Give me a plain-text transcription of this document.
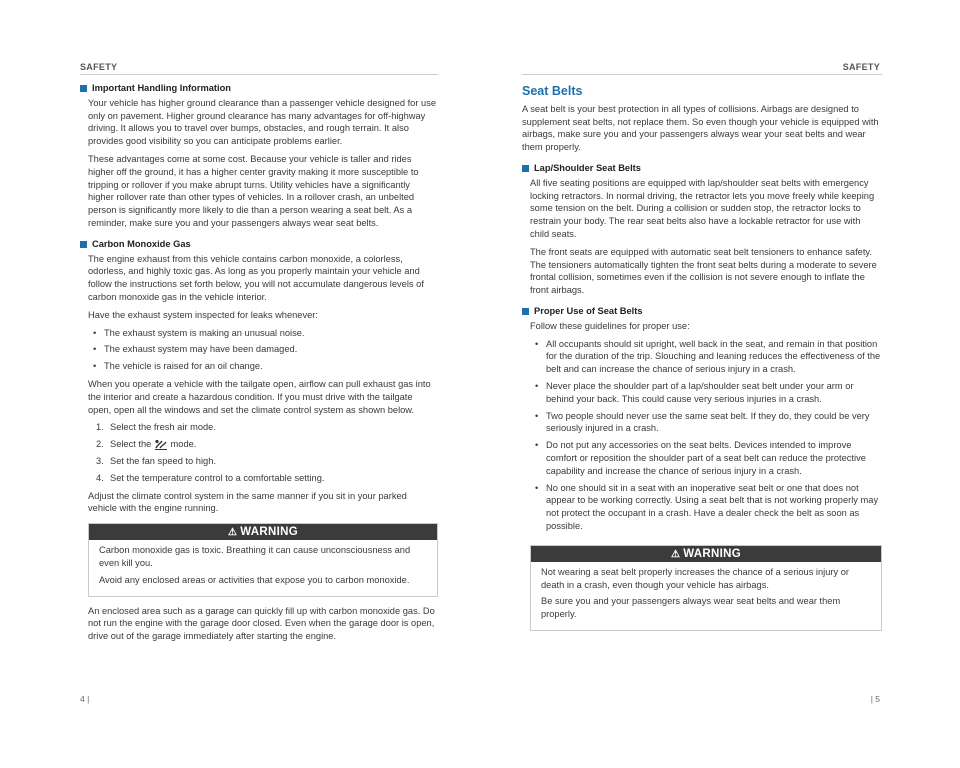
SAFETY
Important Handling Information

Your vehicle has higher ground clearance than a passenger vehicle designed for use only on pavement. Higher ground clearance has many advantages for off-highway driving. It allows you to travel over bumps, obstacles, and rough terrain. It also provides good visibility so you can anticipate problems earlier.

These advantages come at some cost. Because your vehicle is taller and rides higher off the ground, it has a higher center gravity making it more susceptible to tripping or rollover if you make abrupt turns. Utility vehicles have a significantly higher rollover rate than other types of vehicles. In a rollover crash, an unbelted person is significantly more likely to die than a person wearing a seat belt. As a reminder, make sure you and your passengers always wear seat belts.

Carbon Monoxide Gas

The engine exhaust from this vehicle contains carbon monoxide, a colorless, odorless, and highly toxic gas. As long as you properly maintain your vehicle and follow the instructions set forth below, you will not accumulate dangerous levels of carbon monoxide gas in the vehicle interior.

Have the exhaust system inspected for leaks whenever:

• The exhaust system is making an unusual noise.
• The exhaust system may have been damaged.
• The vehicle is raised for an oil change.

When you operate a vehicle with the tailgate open, airflow can pull exhaust gas into the interior and create a hazardous condition. If you must drive with the tailgate open, open all the windows and set the climate control system as shown below.

1. Select the fresh air mode.
2. Select the mode.
3. Set the fan speed to high.
4. Set the temperature control to a comfortable setting.

Adjust the climate control system in the same manner if you sit in your parked vehicle with the engine running.

⚠ WARNING

Carbon monoxide gas is toxic. Breathing it can cause unconsciousness and even kill you.

Avoid any enclosed areas or activities that expose you to carbon monoxide.

An enclosed area such as a garage can quickly fill up with carbon monoxide gas. Do not run the engine with the garage door closed. Even when the garage door is open, drive out of the garage immediately after starting the engine.

4 |
SAFETY
Seat Belts

A seat belt is your best protection in all types of collisions. Airbags are designed to supplement seat belts, not replace them. So even though your vehicle is equipped with airbags, make sure you and your passengers always wear your seat belts and wear them properly.

Lap/Shoulder Seat Belts

All five seating positions are equipped with lap/shoulder seat belts with emergency locking retractors. In normal driving, the retractor lets you move freely while keeping some tension on the belt. During a collision or sudden stop, the retractor locks to restrain your body. The rear seat belts also have a lockable retractor for use with child seats.

The front seats are equipped with automatic seat belt tensioners to enhance safety. The tensioners automatically tighten the front seat belts during a moderate to severe frontal collision, sometimes even if the collision is not severe enough to inflate the front airbags.

Proper Use of Seat Belts

Follow these guidelines for proper use:

• All occupants should sit upright, well back in the seat, and remain in that position for the duration of the trip. Slouching and leaning reduces the effectiveness of the belt and can increase the chance of serious injury in a crash.
• Never place the shoulder part of a lap/shoulder seat belt under your arm or behind your back. This could cause very serious injuries in a crash.
• Two people should never use the same seat belt. If they do, they could be very seriously injured in a crash.
• Do not put any accessories on the seat belts. Devices intended to improve comfort or reposition the shoulder part of a seat belt can reduce the protective capability and increase the chance of serious injury in a crash.
• No one should sit in a seat with an inoperative seat belt or one that does not appear to be working correctly. Using a seat belt that is not working properly may not protect the occupant in a crash. Have a dealer check the belt as soon as possible.
⚠ WARNING

Not wearing a seat belt properly increases the chance of a serious injury or death in a crash, even though your vehicle has airbags.

Be sure you and your passengers always wear seat belts and wear them properly.

| 5
